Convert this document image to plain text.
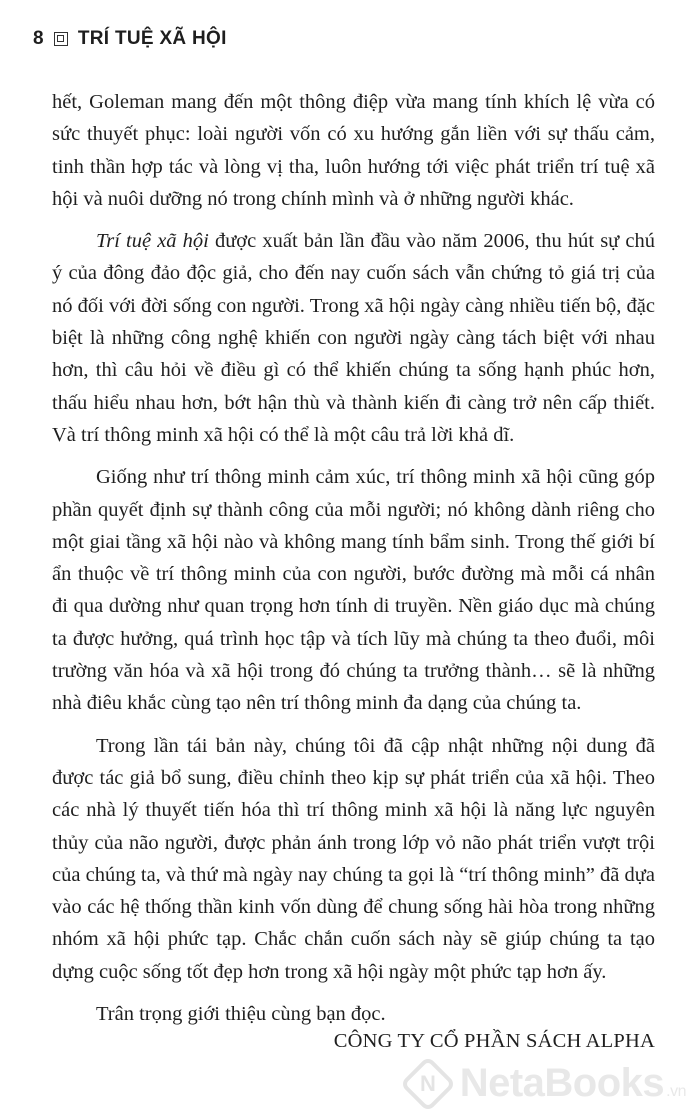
8 TRÍ TUỆ XÃ HỘI

hết, Goleman mang đến một thông điệp vừa mang tính khích lệ vừa có sức thuyết phục: loài người vốn có xu hướng gắn liền với sự thấu cảm, tinh thần hợp tác và lòng vị tha, luôn hướng tới việc phát triển trí tuệ xã hội và nuôi dưỡng nó trong chính mình và ở những người khác.

Trí tuệ xã hội được xuất bản lần đầu vào năm 2006, thu hút sự chú ý của đông đảo độc giả, cho đến nay cuốn sách vẫn chứng tỏ giá trị của nó đối với đời sống con người. Trong xã hội ngày càng nhiều tiến bộ, đặc biệt là những công nghệ khiến con người ngày càng tách biệt với nhau hơn, thì câu hỏi về điều gì có thể khiến chúng ta sống hạnh phúc hơn, thấu hiểu nhau hơn, bớt hận thù và thành kiến đi càng trở nên cấp thiết. Và trí thông minh xã hội có thể là một câu trả lời khả dĩ.

Giống như trí thông minh cảm xúc, trí thông minh xã hội cũng góp phần quyết định sự thành công của mỗi người; nó không dành riêng cho một giai tầng xã hội nào và không mang tính bẩm sinh. Trong thế giới bí ẩn thuộc về trí thông minh của con người, bước đường mà mỗi cá nhân đi qua dường như quan trọng hơn tính di truyền. Nền giáo dục mà chúng ta được hưởng, quá trình học tập và tích lũy mà chúng ta theo đuổi, môi trường văn hóa và xã hội trong đó chúng ta trưởng thành… sẽ là những nhà điêu khắc cùng tạo nên trí thông minh đa dạng của chúng ta.

Trong lần tái bản này, chúng tôi đã cập nhật những nội dung đã được tác giả bổ sung, điều chỉnh theo kịp sự phát triển của xã hội. Theo các nhà lý thuyết tiến hóa thì trí thông minh xã hội là năng lực nguyên thủy của não người, được phản ánh trong lớp vỏ não phát triển vượt trội của chúng ta, và thứ mà ngày nay chúng ta gọi là “trí thông minh” đã dựa vào các hệ thống thần kinh vốn dùng để chung sống hài hòa trong những nhóm xã hội phức tạp. Chắc chắn cuốn sách này sẽ giúp chúng ta tạo dựng cuộc sống tốt đẹp hơn trong xã hội ngày một phức tạp hơn ấy.

Trân trọng giới thiệu cùng bạn đọc.

CÔNG TY CỔ PHẦN SÁCH ALPHA
N NetaBooks .vn
